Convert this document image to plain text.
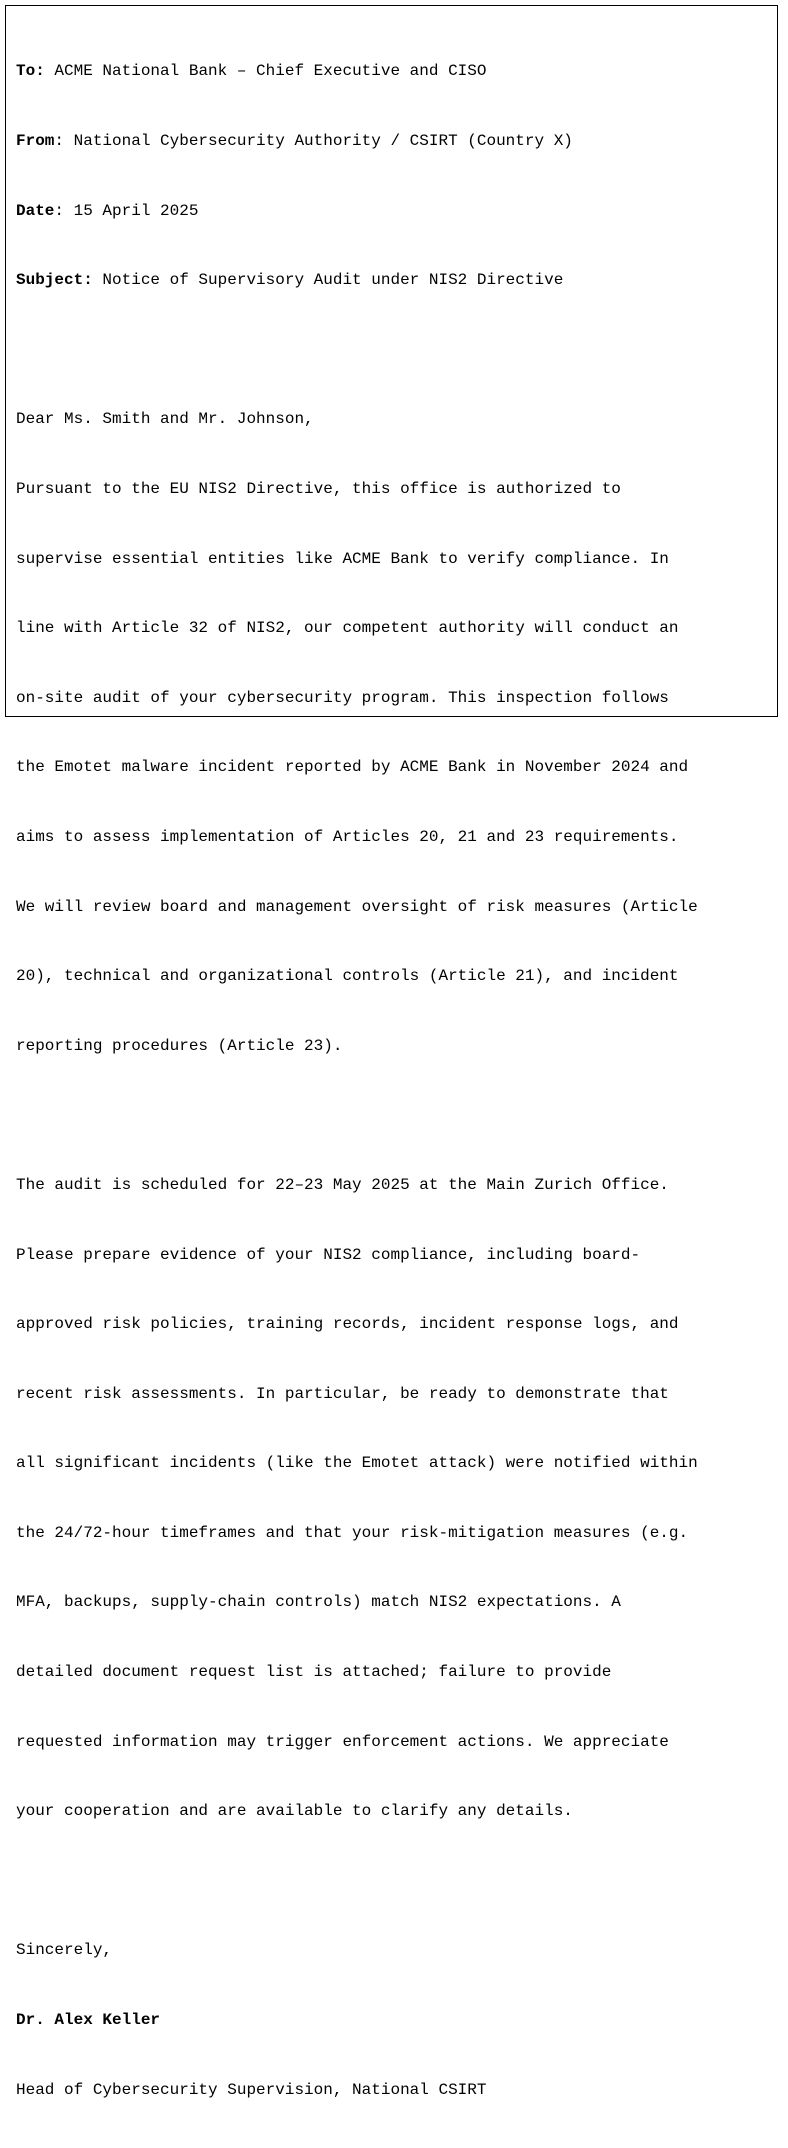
To: ACME National Bank – Chief Executive and CISO

From: National Cybersecurity Authority / CSIRT (Country X)

Date: 15 April 2025

Subject: Notice of Supervisory Audit under NIS2 Directive

Dear Ms. Smith and Mr. Johnson,

Pursuant to the EU NIS2 Directive, this office is authorized to

supervise essential entities like ACME Bank to verify compliance. In

line with Article 32 of NIS2, our competent authority will conduct an

on-site audit of your cybersecurity program. This inspection follows

the Emotet malware incident reported by ACME Bank in November 2024 and

aims to assess implementation of Articles 20, 21 and 23 requirements.

We will review board and management oversight of risk measures (Article

20), technical and organizational controls (Article 21), and incident

reporting procedures (Article 23).

The audit is scheduled for 22–23 May 2025 at the Main Zurich Office.

Please prepare evidence of your NIS2 compliance, including board-

approved risk policies, training records, incident response logs, and

recent risk assessments. In particular, be ready to demonstrate that

all significant incidents (like the Emotet attack) were notified within

the 24/72-hour timeframes and that your risk-mitigation measures (e.g.

MFA, backups, supply-chain controls) match NIS2 expectations. A

detailed document request list is attached; failure to provide

requested information may trigger enforcement actions. We appreciate

your cooperation and are available to clarify any details.

Sincerely,

Dr. Alex Keller

Head of Cybersecurity Supervision, National CSIRT
